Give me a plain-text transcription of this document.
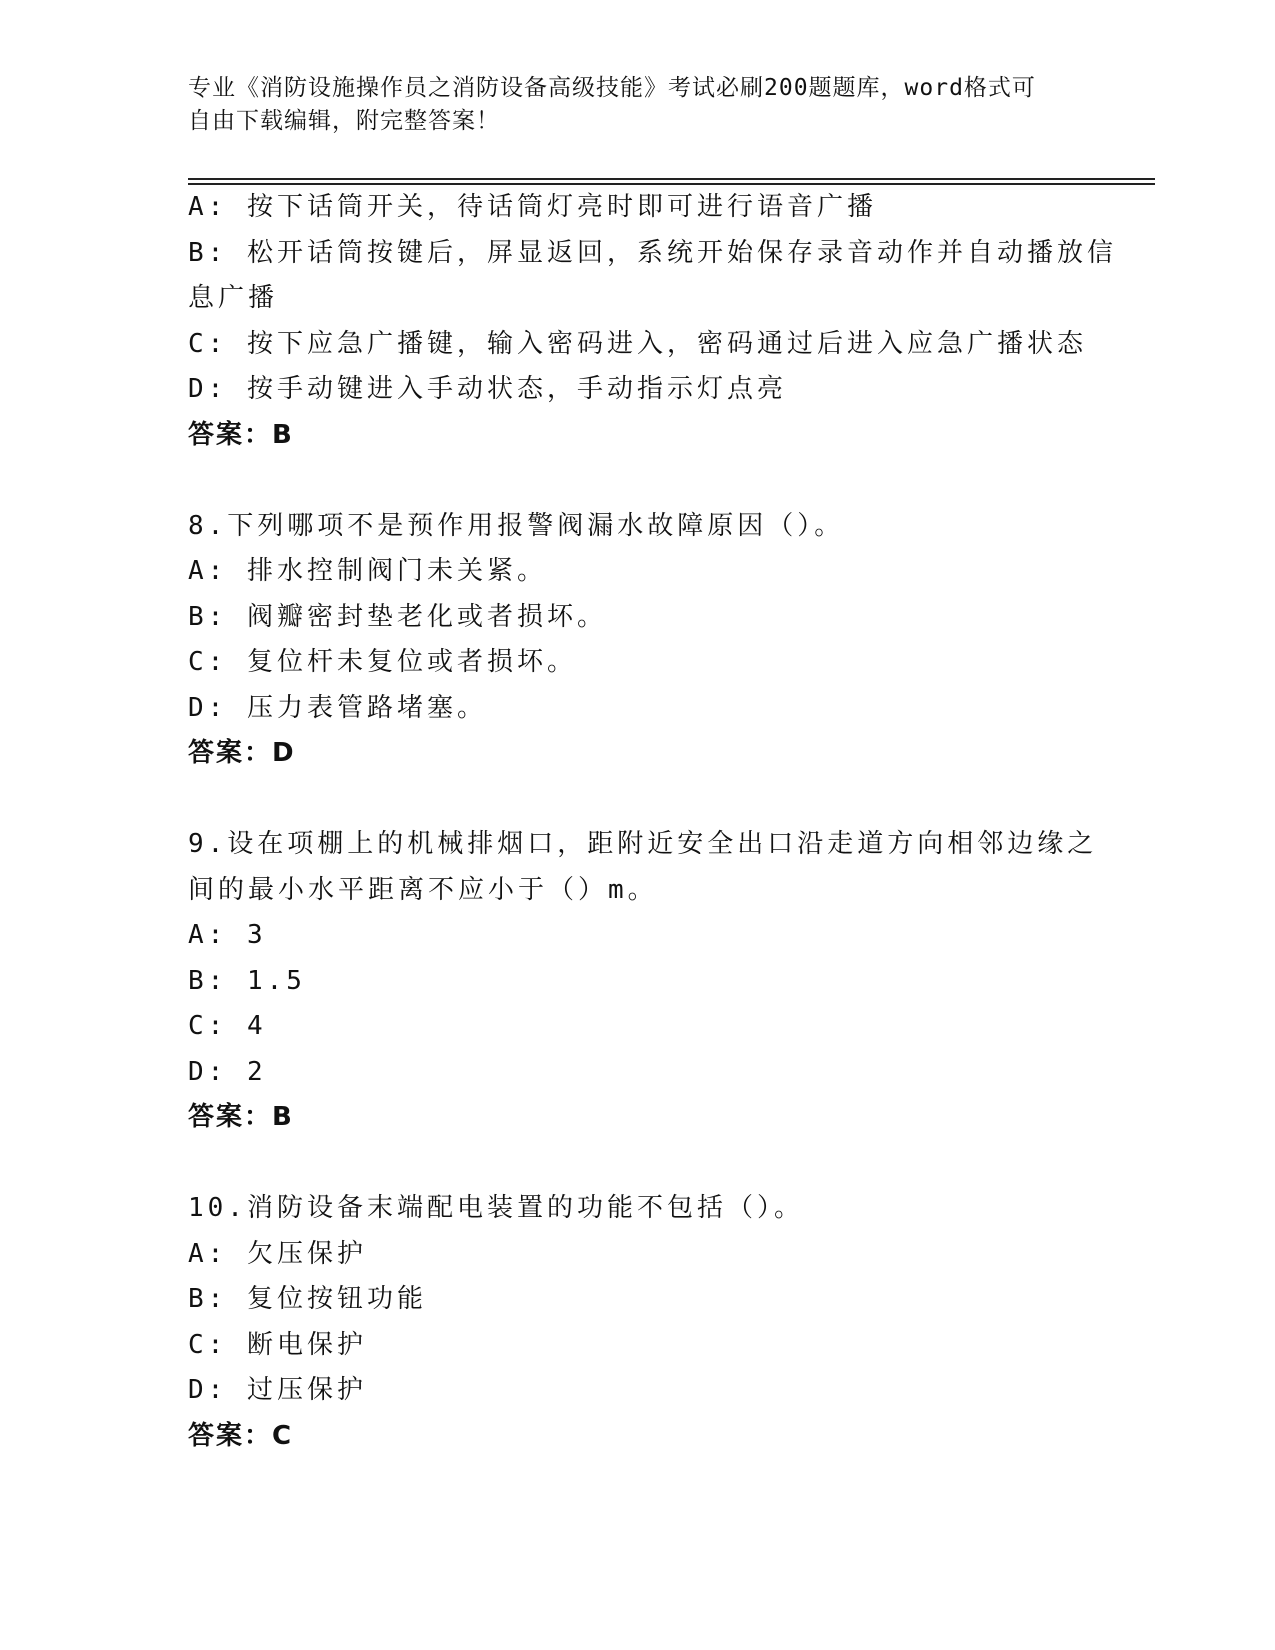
专业《消防设施操作员之消防设备高级技能》考试必刷200题题库，word格式可
自由下载编辑，附完整答案！
A: 按下话筒开关，待话筒灯亮时即可进行语音广播
B: 松开话筒按键后，屏显返回，系统开始保存录音动作并自动播放信
息广播
C: 按下应急广播键，输入密码进入，密码通过后进入应急广播状态
D: 按手动键进入手动状态，手动指示灯点亮
答案：B
8.下列哪项不是预作用报警阀漏水故障原因（）。
A: 排水控制阀门未关紧。
B: 阀瓣密封垫老化或者损坏。
C: 复位杆未复位或者损坏。
D: 压力表管路堵塞。
答案：D
9.设在项棚上的机械排烟口，距附近安全出口沿走道方向相邻边缘之
间的最小水平距离不应小于（）m。
A: 3
B: 1.5
C: 4
D: 2
答案：B
10.消防设备末端配电装置的功能不包括（）。
A: 欠压保护
B: 复位按钮功能
C: 断电保护
D: 过压保护
答案：C
